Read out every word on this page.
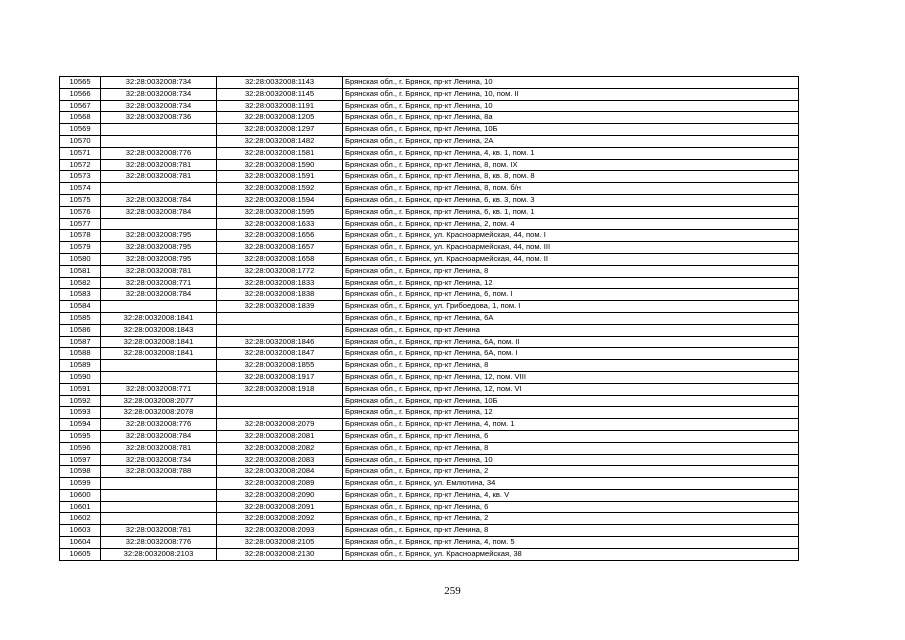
10565	32:28:0032008:734	32:28:0032008:1143	Брянская обл., г. Брянск, пр-кт Ленина, 10
10566	32:28:0032008:734	32:28:0032008:1145	Брянская обл., г. Брянск, пр-кт Ленина, 10, пом. II
10567	32:28:0032008:734	32:28:0032008:1191	Брянская обл., г. Брянск, пр-кт Ленина, 10
10568	32:28:0032008:736	32:28:0032008:1205	Брянская обл., г. Брянск, пр-кт Ленина, 8а
10569		32:28:0032008:1297	Брянская обл., г. Брянск, пр-кт Ленина, 10Б
10570		32:28:0032008:1482	Брянская обл., г. Брянск, пр-кт Ленина, 2А
10571	32:28:0032008:776	32:28:0032008:1581	Брянская обл., г. Брянск, пр-кт Ленина, 4, кв. 1, пом. 1
10572	32:28:0032008:781	32:28:0032008:1590	Брянская обл., г. Брянск, пр-кт Ленина, 8, пом. IX
10573	32:28:0032008:781	32:28:0032008:1591	Брянская обл., г. Брянск, пр-кт Ленина, 8, кв. 8, пом. 8
10574		32:28:0032008:1592	Брянская обл., г. Брянск, пр-кт Ленина, 8, пом. б/н
10575	32:28:0032008:784	32:28:0032008:1594	Брянская обл., г. Брянск, пр-кт Ленина, 6, кв. 3, пом. 3
10576	32:28:0032008:784	32:28:0032008:1595	Брянская обл., г. Брянск, пр-кт Ленина, 6, кв. 1, пом. 1
10577		32:28:0032008:1633	Брянская обл., г. Брянск, пр-кт Ленина, 2, пом. 4
10578	32:28:0032008:795	32:28:0032008:1656	Брянская обл., г. Брянск, ул. Красноармейская, 44, пом. I
10579	32:28:0032008:795	32:28:0032008:1657	Брянская обл., г. Брянск, ул. Красноармейская, 44, пом. III
10580	32:28:0032008:795	32:28:0032008:1658	Брянская обл., г. Брянск, ул. Красноармейская, 44, пом. II
10581	32:28:0032008:781	32:28:0032008:1772	Брянская обл., г. Брянск, пр-кт Ленина, 8
10582	32:28:0032008:771	32:28:0032008:1833	Брянская обл., г. Брянск, пр-кт Ленина, 12
10583	32:28:0032008:784	32:28:0032008:1838	Брянская обл., г. Брянск, пр-кт Ленина, 6, пом. I
10584		32:28:0032008:1839	Брянская обл., г. Брянск, ул. Грибоедова, 1, пом. I
10585	32:28:0032008:1841		Брянская обл., г. Брянск, пр-кт Ленина, 6А
10586	32:28:0032008:1843		Брянская обл., г. Брянск, пр-кт Ленина
10587	32:28:0032008:1841	32:28:0032008:1846	Брянская обл., г. Брянск, пр-кт Ленина, 6А, пом. II
10588	32:28:0032008:1841	32:28:0032008:1847	Брянская обл., г. Брянск, пр-кт Ленина, 6А, пом. I
10589		32:28:0032008:1855	Брянская обл., г. Брянск, пр-кт Ленина, 8
10590		32:28:0032008:1917	Брянская обл., г. Брянск, пр-кт Ленина, 12, пом. VIII
10591	32:28:0032008:771	32:28:0032008:1918	Брянская обл., г. Брянск, пр-кт Ленина, 12, пом. VI
10592	32:28:0032008:2077		Брянская обл., г. Брянск, пр-кт Ленина, 10Б
10593	32:28:0032008:2078		Брянская обл., г. Брянск, пр-кт Ленина, 12
10594	32:28:0032008:776	32:28:0032008:2079	Брянская обл., г. Брянск, пр-кт Ленина, 4, пом. 1
10595	32:28:0032008:784	32:28:0032008:2081	Брянская обл., г. Брянск, пр-кт Ленина, 6
10596	32:28:0032008:781	32:28:0032008:2082	Брянская обл., г. Брянск, пр-кт Ленина, 8
10597	32:28:0032008:734	32:28:0032008:2083	Брянская обл., г. Брянск, пр-кт Ленина, 10
10598	32:28:0032008:788	32:28:0032008:2084	Брянская обл., г. Брянск, пр-кт Ленина, 2
10599		32:28:0032008:2089	Брянская обл., г. Брянск, ул. Емлютина, 34
10600		32:28:0032008:2090	Брянская обл., г. Брянск, пр-кт Ленина, 4, кв. V
10601		32:28:0032008:2091	Брянская обл., г. Брянск, пр-кт Ленина, 6
10602		32:28:0032008:2092	Брянская обл., г. Брянск, пр-кт Ленина, 2
10603	32:28:0032008:781	32:28:0032008:2093	Брянская обл., г. Брянск, пр-кт Ленина, 8
10604	32:28:0032008:776	32:28:0032008:2105	Брянская обл., г. Брянск, пр-кт Ленина, 4, пом. 5
10605	32:28:0032008:2103	32:28:0032008:2130	Брянская обл., г. Брянск, ул. Красноармейская, 38
259
